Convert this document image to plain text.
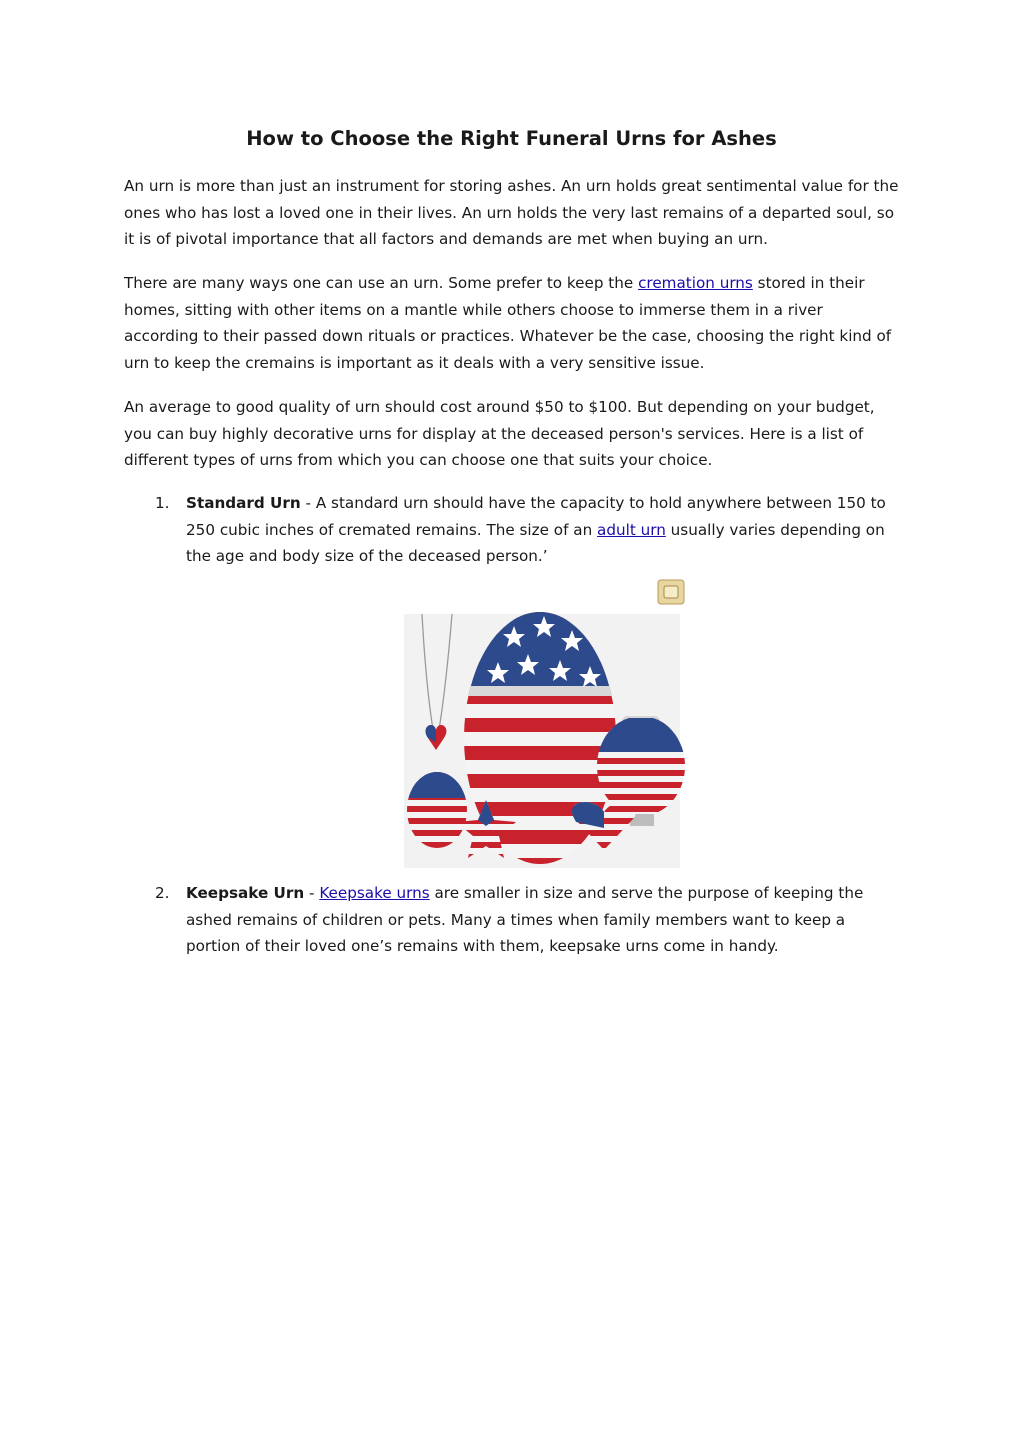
How to Choose the Right Funeral Urns for Ashes

An urn is more than just an instrument for storing ashes. An urn holds great sentimental value for the ones who has lost a loved one in their lives. An urn holds the very last remains of a departed soul, so it is of pivotal importance that all factors and demands are met when buying an urn.

There are many ways one can use an urn. Some prefer to keep the cremation urns stored in their homes, sitting with other items on a mantle while others choose to immerse them in a river according to their passed down rituals or practices. Whatever be the case, choosing the right kind of urn to keep the cremains is important as it deals with a very sensitive issue.

An average to good quality of urn should cost around $50 to $100. But depending on your budget, you can buy highly decorative urns for display at the deceased person's services. Here is a list of different types of urns from which you can choose one that suits your choice.

1. Standard Urn - A standard urn should have the capacity to hold anywhere between 150 to 250 cubic inches of cremated remains. The size of an adult urn usually varies depending on the age and body size of the deceased person.’
2. Keepsake Urn - Keepsake urns are smaller in size and serve the purpose of keeping the ashed remains of children or pets. Many a times when family members want to keep a portion of their loved one’s remains with them, keepsake urns come in handy.
